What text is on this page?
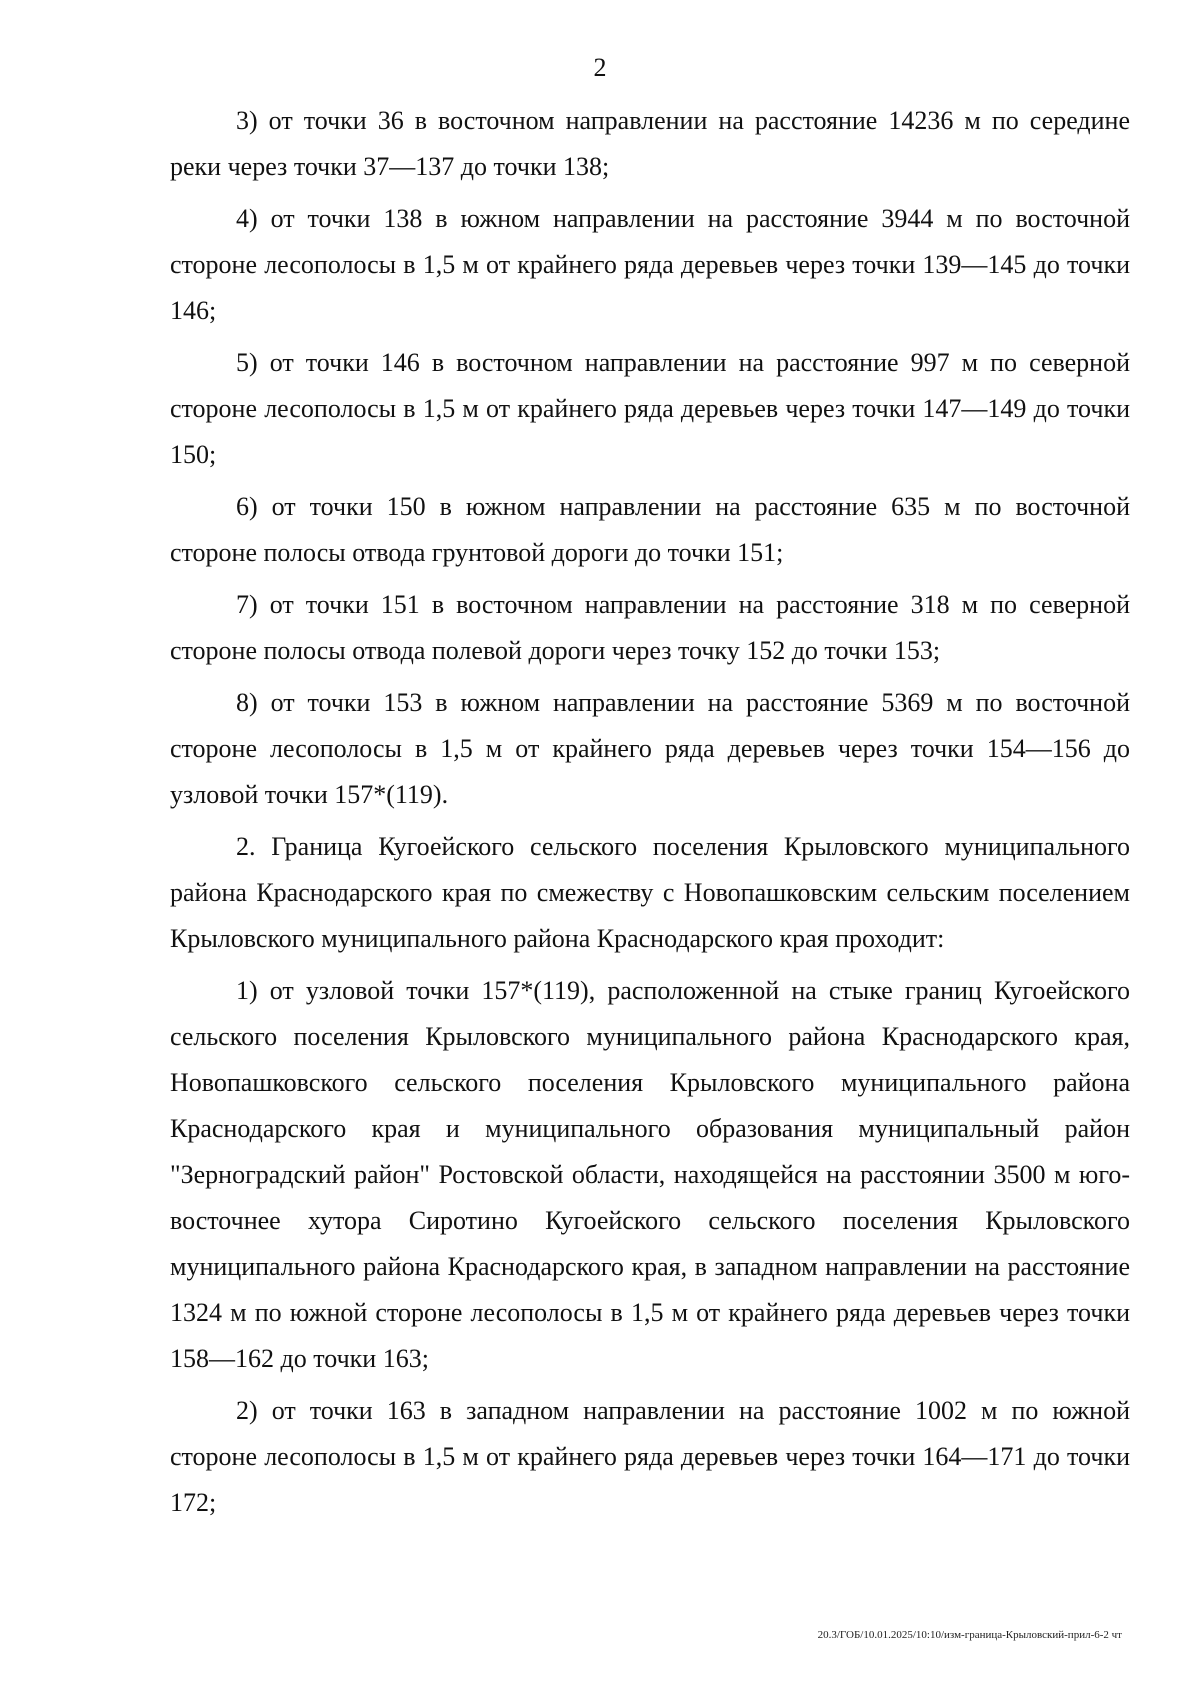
2

3) от точки 36 в восточном направлении на расстояние 14236 м по середине реки через точки 37—137 до точки 138;

4) от точки 138 в южном направлении на расстояние 3944 м по восточной стороне лесополосы в 1,5 м от крайнего ряда деревьев через точки 139—145 до точки 146;

5) от точки 146 в восточном направлении на расстояние 997 м по северной стороне лесополосы в 1,5 м от крайнего ряда деревьев через точки 147—149 до точки 150;

6) от точки 150 в южном направлении на расстояние 635 м по восточной стороне полосы отвода грунтовой дороги до точки 151;

7) от точки 151 в восточном направлении на расстояние 318 м по северной стороне полосы отвода полевой дороги через точку 152 до точки 153;

8) от точки 153 в южном направлении на расстояние 5369 м по восточной стороне лесополосы в 1,5 м от крайнего ряда деревьев через точки 154—156 до узловой точки 157*(119).

2. Граница Кугоейского сельского поселения Крыловского муниципального района Краснодарского края по смежеству с Новопашковским сельским поселением Крыловского муниципального района Краснодарского края проходит:

1) от узловой точки 157*(119), расположенной на стыке границ Кугоейского сельского поселения Крыловского муниципального района Краснодарского края, Новопашковского сельского поселения Крыловского муниципального района Краснодарского края и муниципального образования муниципальный район "Зерноградский район" Ростовской области, находящейся на расстоянии 3500 м юго-восточнее хутора Сиротино Кугоейского сельского поселения Крыловского муниципального района Краснодарского края, в западном направлении на расстояние 1324 м по южной стороне лесополосы в 1,5 м от крайнего ряда деревьев через точки 158—162 до точки 163;

2) от точки 163 в западном направлении на расстояние 1002 м по южной стороне лесополосы в 1,5 м от крайнего ряда деревьев через точки 164—171 до точки 172;

20.3/ГОБ/10.01.2025/10:10/изм-граница-Крыловский-прил-6-2 чт
